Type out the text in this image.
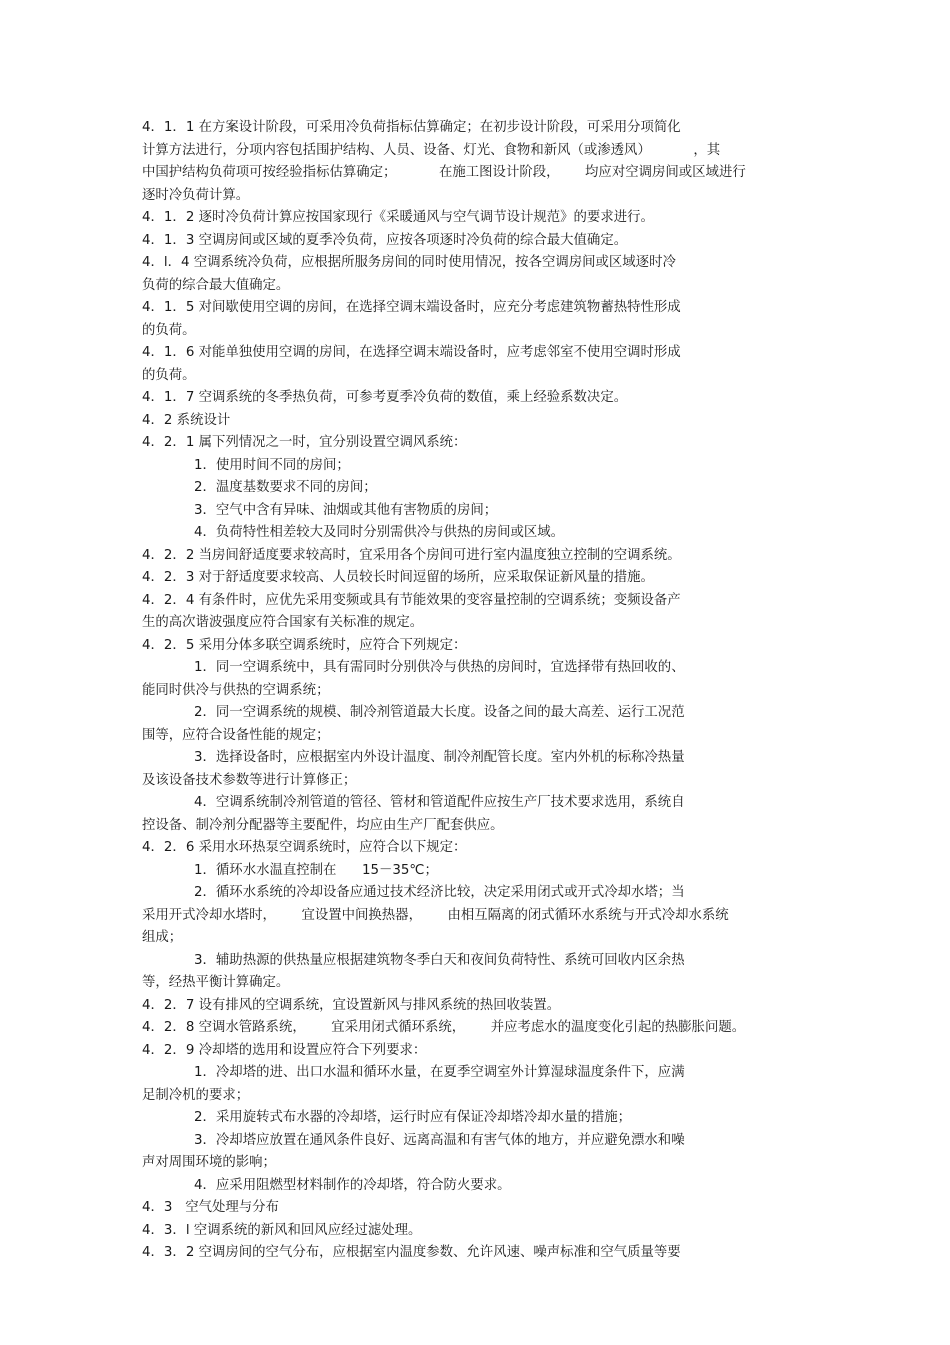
4．1．1 在方案设计阶段，可采用冷负荷指标估算确定；在初步设计阶段，可采用分项简化
计算方法进行，分项内容包括围护结构、人员、设备、灯光、食物和新风（或渗透风）          ，其
中国护结构负荷项可按经验指标估算确定；          在施工图设计阶段，      均应对空调房间或区域进行
逐时冷负荷计算。
4．1．2 逐时冷负荷计算应按国家现行《采暖通风与空气调节设计规范》的要求进行。
4．1．3 空调房间或区域的夏季冷负荷，应按各项逐时冷负荷的综合最大值确定。
4．l．4 空调系统冷负荷，应根据所服务房间的同时使用情况，按各空调房间或区域逐时冷
负荷的综合最大值确定。
4．1．5 对间歇使用空调的房间，在选择空调末端设备时，应充分考虑建筑物蓄热特性形成
的负荷。
4．1．6 对能单独使用空调的房间，在选择空调末端设备时，应考虑邻室不使用空调时形成
的负荷。
4．1．7 空调系统的冬季热负荷，可参考夏季冷负荷的数值，乘上经验系数决定。
4．2 系统设计
4．2．1 属下列情况之一时，宜分别设置空调风系统：
1．使用时间不同的房间；
2．温度基数要求不同的房间；
3．空气中含有异味、油烟或其他有害物质的房间；
4．负荷特性相差较大及同时分别需供冷与供热的房间或区域。
4．2．2 当房间舒适度要求较高时，宜采用各个房间可进行室内温度独立控制的空调系统。
4．2．3 对于舒适度要求较高、人员较长时间逗留的场所，应采取保证新风量的措施。
4．2．4 有条件时，应优先采用变频或具有节能效果的变容量控制的空调系统；变频设备产
生的高次谐波强度应符合国家有关标准的规定。
4．2．5 采用分体多联空调系统时，应符合下列规定：
1．同一空调系统中，具有需同时分别供冷与供热的房间时，宜选择带有热回收的、
能同时供冷与供热的空调系统；
2．同一空调系统的规模、制冷剂管道最大长度。设备之间的最大高差、运行工况范
围等，应符合设备性能的规定；
3．选择设备时，应根据室内外设计温度、制冷剂配管长度。室内外机的标称冷热量
及该设备技术参数等进行计算修正；
4．空调系统制冷剂管道的管径、管材和管道配件应按生产厂技术要求选用，系统自
控设备、制冷剂分配器等主要配件，均应由生产厂配套供应。
4．2．6 采用水环热泵空调系统时，应符合以下规定：
1．循环水水温直控制在      15－35℃；
2．循环水系统的冷却设备应通过技术经济比较，决定采用闭式或开式冷却水塔；当
采用开式冷却水塔时，      宜设置中间换热器，      由相互隔离的闭式循环水系统与开式冷却水系统
组成；
3．辅助热源的供热量应根据建筑物冬季白天和夜间负荷特性、系统可回收内区余热
等，经热平衡计算确定。
4．2．7 设有排风的空调系统，宜设置新风与排风系统的热回收装置。
4．2．8 空调水管路系统，      宜采用闭式循环系统，      并应考虑水的温度变化引起的热膨胀问题。
4．2．9 冷却塔的选用和设置应符合下列要求：
1．冷却塔的进、出口水温和循环水量，在夏季空调室外计算湿球温度条件下，应满
足制冷机的要求；
2．采用旋转式布水器的冷却塔，运行时应有保证冷却塔冷却水量的措施；
3．冷却塔应放置在通风条件良好、远离高温和有害气体的地方，并应避免漂水和噪
声对周围环境的影响；
4．应采用阻燃型材料制作的冷却塔，符合防火要求。
4．3   空气处理与分布
4．3．l 空调系统的新风和回风应经过滤处理。
4．3．2 空调房间的空气分布，应根据室内温度参数、允许风速、噪声标准和空气质量等要
